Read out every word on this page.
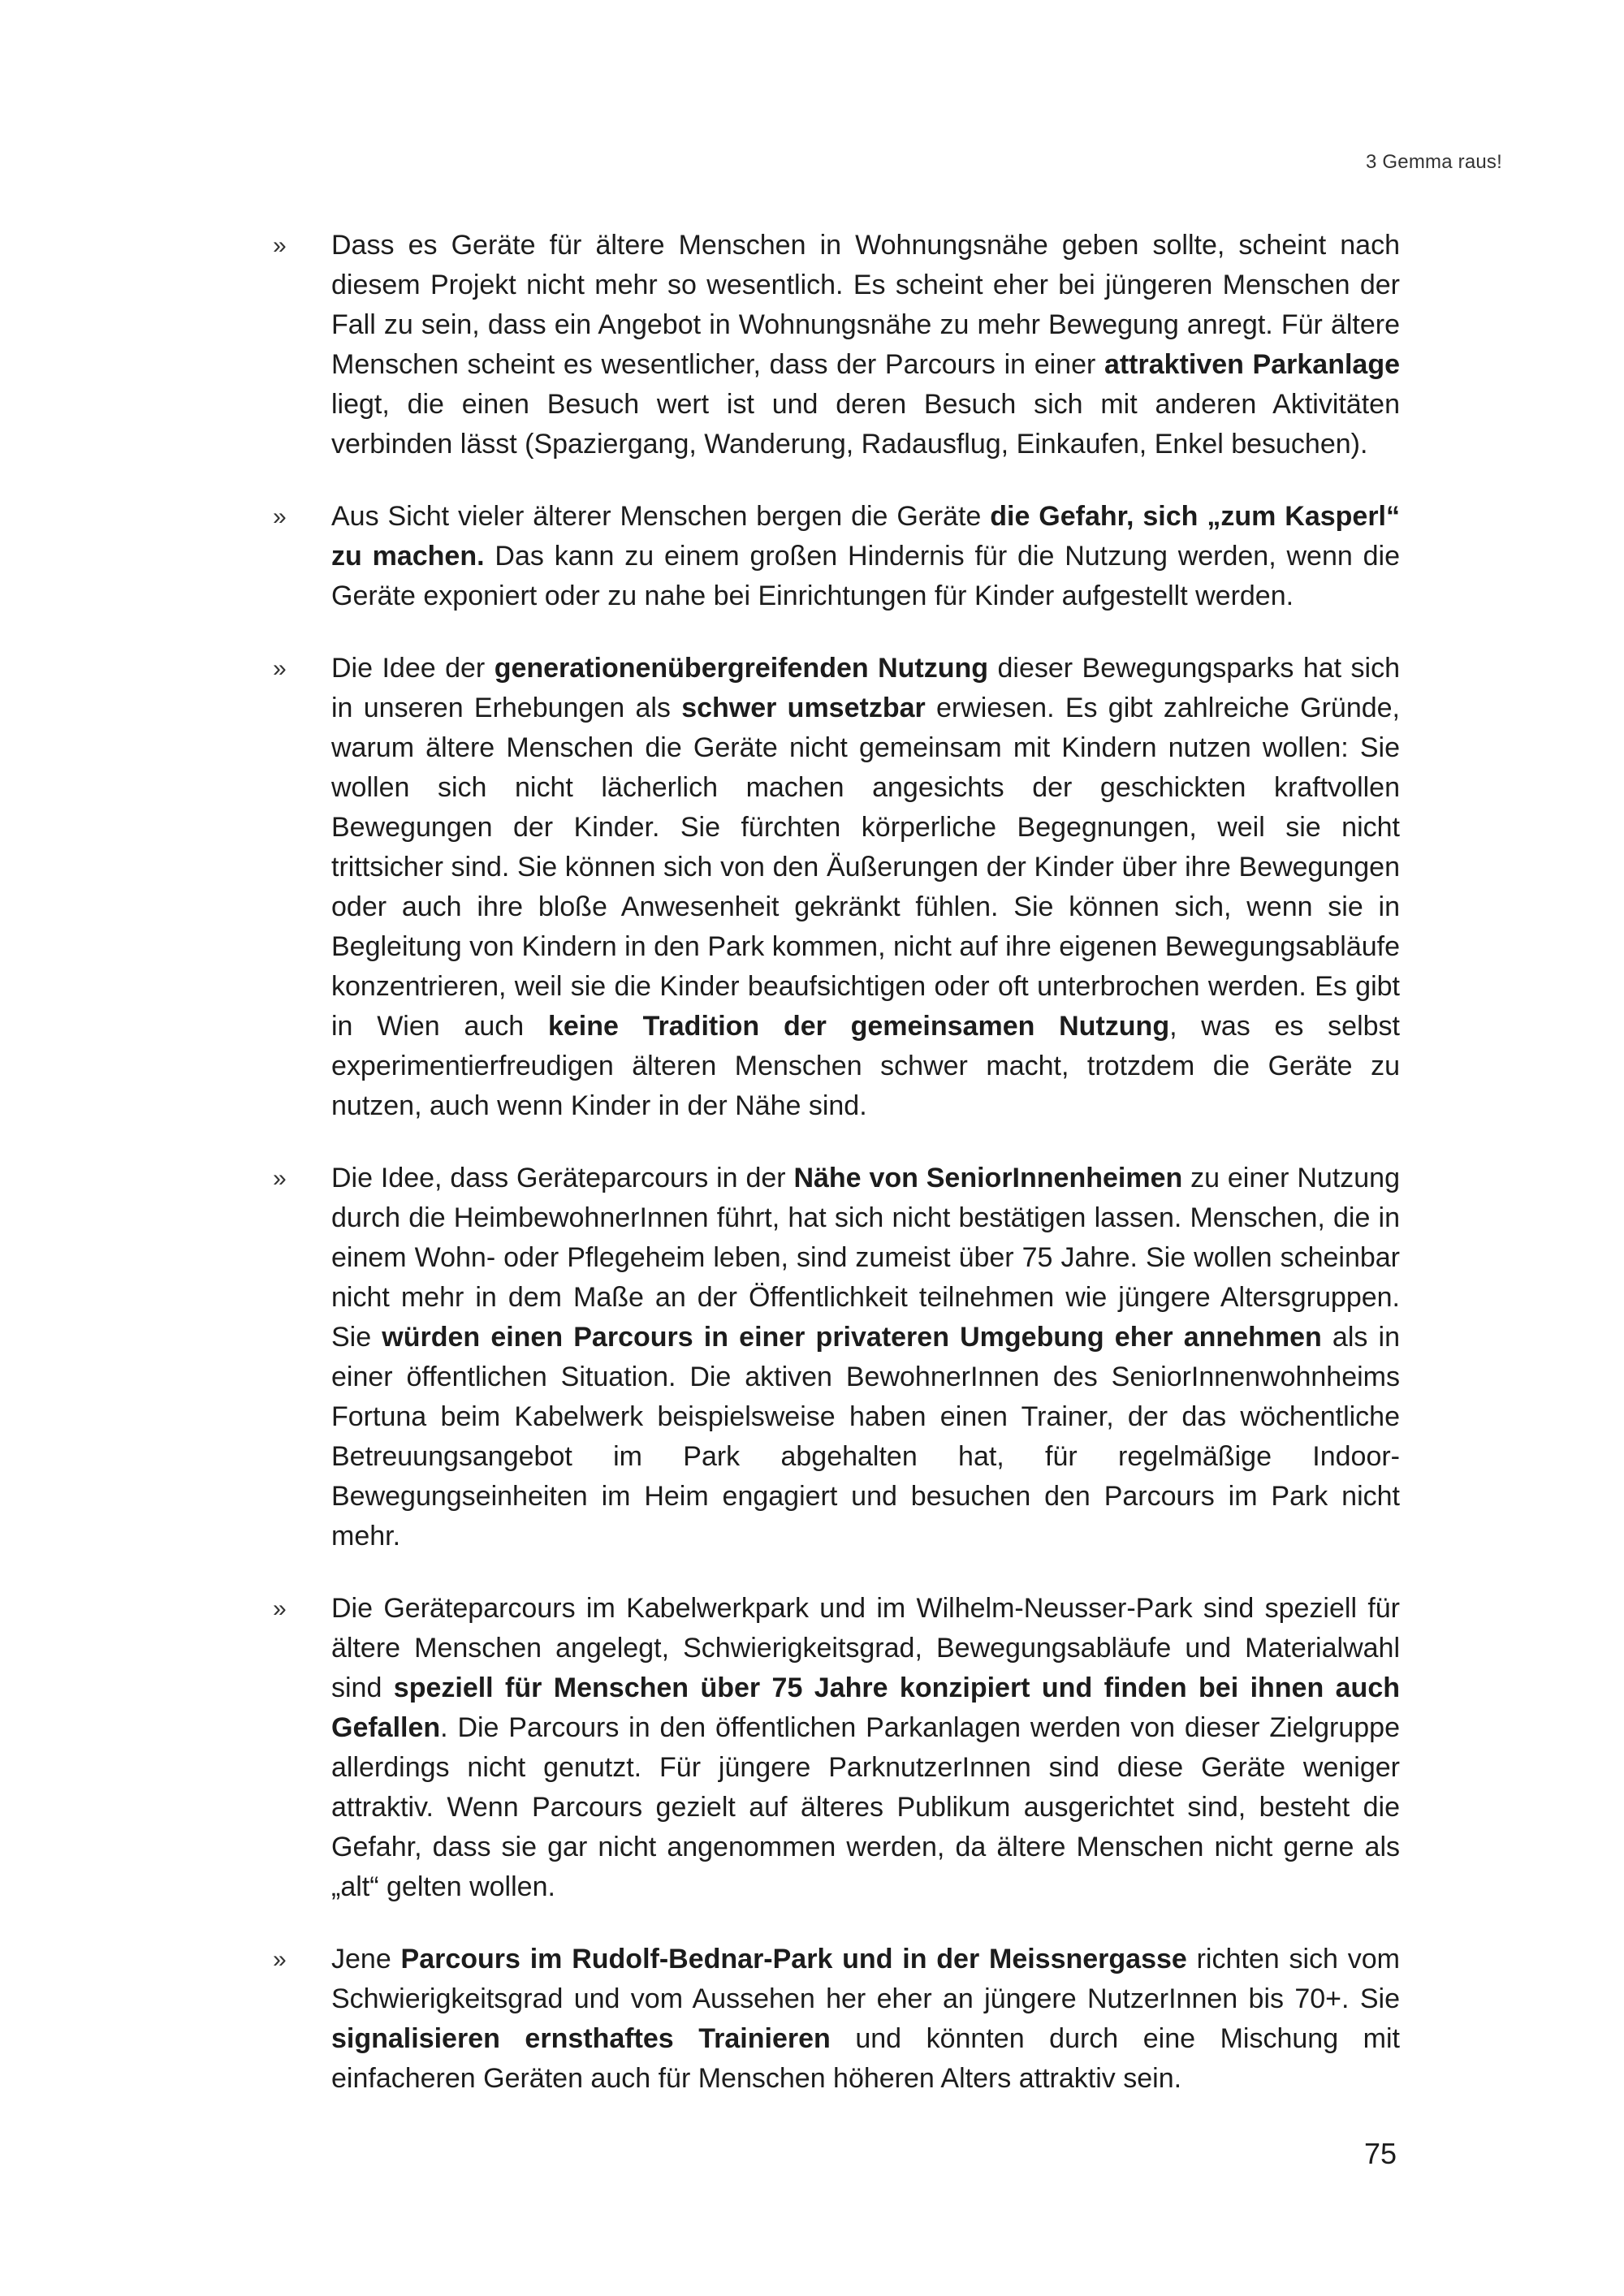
3 Gemma raus!
» Dass es Geräte für ältere Menschen in Wohnungsnähe geben sollte, scheint nach diesem Projekt nicht mehr so wesentlich. Es scheint eher bei jüngeren Menschen der Fall zu sein, dass ein Angebot in Wohnungsnähe zu mehr Bewegung anregt. Für ältere Menschen scheint es wesentlicher, dass der Parcours in einer attraktiven Parkanlage liegt, die einen Besuch wert ist und deren Besuch sich mit anderen Aktivitäten verbinden lässt (Spaziergang, Wanderung, Radausflug, Einkaufen, Enkel besuchen).
» Aus Sicht vieler älterer Menschen bergen die Geräte die Gefahr, sich „zum Kasperl“ zu machen. Das kann zu einem großen Hindernis für die Nutzung werden, wenn die Geräte exponiert oder zu nahe bei Einrichtungen für Kinder aufgestellt werden.
» Die Idee der generationenübergreifenden Nutzung dieser Bewegungsparks hat sich in unseren Erhebungen als schwer umsetzbar erwiesen. Es gibt zahlreiche Gründe, warum ältere Menschen die Geräte nicht gemeinsam mit Kindern nutzen wollen: Sie wollen sich nicht lächerlich machen angesichts der geschickten kraftvollen Bewegungen der Kinder. Sie fürchten körperliche Begegnungen, weil sie nicht trittsicher sind. Sie können sich von den Äußerungen der Kinder über ihre Bewegungen oder auch ihre bloße Anwesenheit gekränkt fühlen. Sie können sich, wenn sie in Begleitung von Kindern in den Park kommen, nicht auf ihre eigenen Bewegungsabläufe konzentrieren, weil sie die Kinder beaufsichtigen oder oft unterbrochen werden. Es gibt in Wien auch keine Tradition der gemeinsamen Nutzung, was es selbst experimentierfreudigen älteren Menschen schwer macht, trotzdem die Geräte zu nutzen, auch wenn Kinder in der Nähe sind.
» Die Idee, dass Geräteparcours in der Nähe von SeniorInnenheimen zu einer Nutzung durch die HeimbewohnerInnen führt, hat sich nicht bestätigen lassen. Menschen, die in einem Wohn- oder Pflegeheim leben, sind zumeist über 75 Jahre. Sie wollen scheinbar nicht mehr in dem Maße an der Öffentlichkeit teilnehmen wie jüngere Altersgruppen. Sie würden einen Parcours in einer privateren Umgebung eher annehmen als in einer öffentlichen Situation. Die aktiven BewohnerInnen des SeniorInnenwohnheims Fortuna beim Kabelwerk beispielsweise haben einen Trainer, der das wöchentliche Betreuungsangebot im Park abgehalten hat, für regelmäßige Indoor-Bewegungseinheiten im Heim engagiert und besuchen den Parcours im Park nicht mehr.
» Die Geräteparcours im Kabelwerkpark und im Wilhelm-Neusser-Park sind speziell für ältere Menschen angelegt, Schwierigkeitsgrad, Bewegungsabläufe und Materialwahl sind speziell für Menschen über 75 Jahre konzipiert und finden bei ihnen auch Gefallen. Die Parcours in den öffentlichen Parkanlagen werden von dieser Zielgruppe allerdings nicht genutzt. Für jüngere ParknutzerInnen sind diese Geräte weniger attraktiv. Wenn Parcours gezielt auf älteres Publikum ausgerichtet sind, besteht die Gefahr, dass sie gar nicht angenommen werden, da ältere Menschen nicht gerne als „alt“ gelten wollen.
» Jene Parcours im Rudolf-Bednar-Park und in der Meissnergasse richten sich vom Schwierigkeitsgrad und vom Aussehen her eher an jüngere NutzerInnen bis 70+. Sie signalisieren ernsthaftes Trainieren und könnten durch eine Mischung mit einfacheren Geräten auch für Menschen höheren Alters attraktiv sein.
75
